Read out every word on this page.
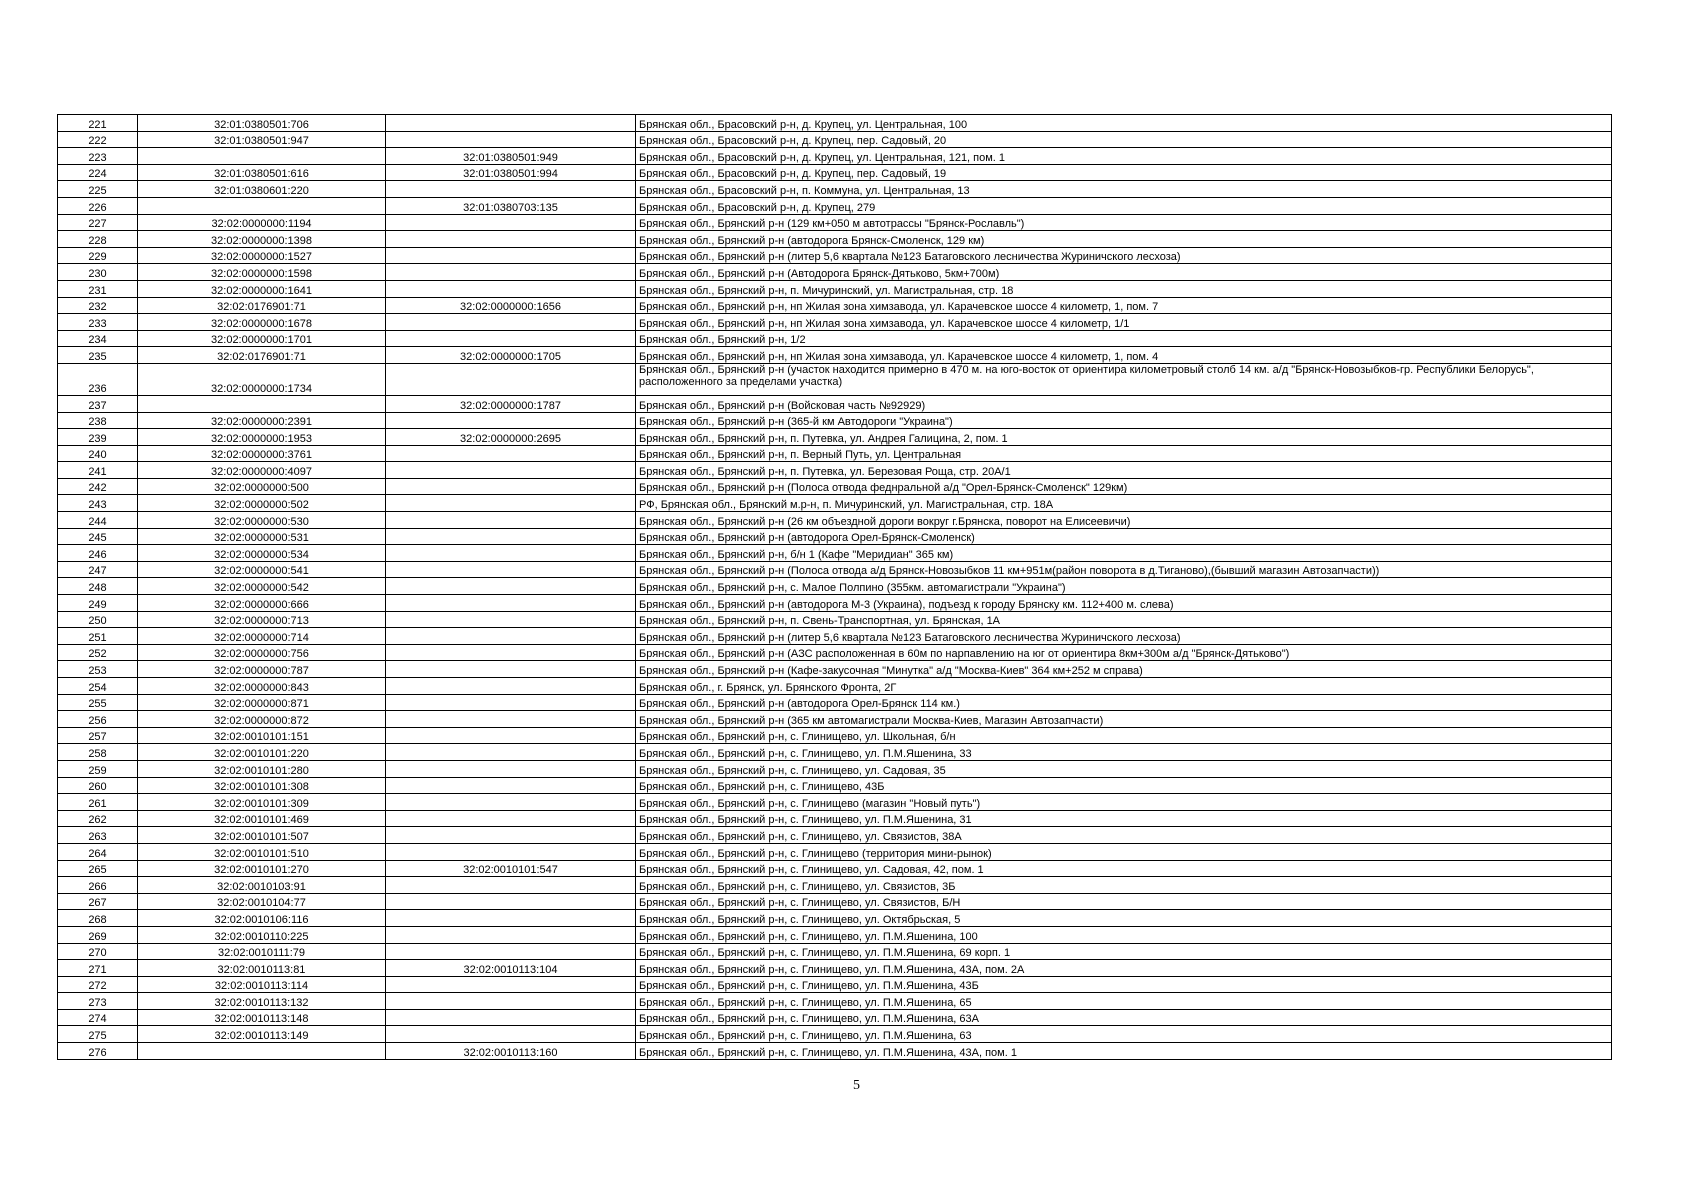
221	32:01:0380501:706		Брянская обл., Брасовский р-н, д. Крупец, ул. Центральная, 100
222	32:01:0380501:947		Брянская обл., Брасовский р-н, д. Крупец, пер. Садовый, 20
223		32:01:0380501:949	Брянская обл., Брасовский р-н, д. Крупец, ул. Центральная, 121, пом. 1
224	32:01:0380501:616	32:01:0380501:994	Брянская обл., Брасовский р-н, д. Крупец, пер. Садовый, 19
225	32:01:0380601:220		Брянская обл., Брасовский р-н, п. Коммуна, ул. Центральная, 13
226		32:01:0380703:135	Брянская обл., Брасовский р-н, д. Крупец, 279
227	32:02:0000000:1194		Брянская обл., Брянский р-н (129 км+050 м автотрассы "Брянск-Рославль")
228	32:02:0000000:1398		Брянская обл., Брянский р-н (автодорога Брянск-Смоленск, 129 км)
229	32:02:0000000:1527		Брянская обл., Брянский р-н (литер 5,6 квартала №123 Батаговского лесничества Журиничского лесхоза)
230	32:02:0000000:1598		Брянская обл., Брянский р-н (Автодорога Брянск-Дятьково, 5км+700м)
231	32:02:0000000:1641		Брянская обл., Брянский р-н, п. Мичуринский, ул. Магистральная, стр. 18
232	32:02:0176901:71	32:02:0000000:1656	Брянская обл., Брянский р-н, нп Жилая зона химзавода, ул. Карачевское шоссе 4 километр, 1, пом. 7
233	32:02:0000000:1678		Брянская обл., Брянский р-н, нп Жилая зона химзавода, ул. Карачевское шоссе 4 километр, 1/1
234	32:02:0000000:1701		Брянская обл., Брянский р-н, 1/2
235	32:02:0176901:71	32:02:0000000:1705	Брянская обл., Брянский р-н, нп Жилая зона химзавода, ул. Карачевское шоссе 4 километр, 1, пом. 4
236	32:02:0000000:1734		Брянская обл., Брянский р-н (участок находится примерно в 470 м. на юго-восток от ориентира километровый столб 14 км. а/д "Брянск-Новозыбков-гр. Республики Белорусь", расположенного за пределами участка)
237		32:02:0000000:1787	Брянская обл., Брянский р-н (Войсковая часть №92929)
238	32:02:0000000:2391		Брянская обл., Брянский р-н (365-й км Автодороги "Украина")
239	32:02:0000000:1953	32:02:0000000:2695	Брянская обл., Брянский р-н, п. Путевка, ул. Андрея Галицина, 2, пом. 1
240	32:02:0000000:3761		Брянская обл., Брянский р-н, п. Верный Путь, ул. Центральная
241	32:02:0000000:4097		Брянская обл., Брянский р-н, п. Путевка, ул. Березовая Роща, стр. 20А/1
242	32:02:0000000:500		Брянская обл., Брянский р-н (Полоса отвода феднральной а/д "Орел-Брянск-Смоленск" 129км)
243	32:02:0000000:502		РФ, Брянская обл., Брянский м.р-н, п. Мичуринский, ул. Магистральная, стр. 18А
244	32:02:0000000:530		Брянская обл., Брянский р-н (26 км объездной дороги вокруг г.Брянска, поворот на Елисеевичи)
245	32:02:0000000:531		Брянская обл., Брянский р-н (автодорога Орел-Брянск-Смоленск)
246	32:02:0000000:534		Брянская обл., Брянский р-н, б/н 1 (Кафе "Меридиан" 365 км)
247	32:02:0000000:541		Брянская обл., Брянский р-н (Полоса отвода а/д Брянск-Новозыбков 11 км+951м(район поворота в д.Тиганово),(бывший магазин Автозапчасти))
248	32:02:0000000:542		Брянская обл., Брянский р-н, с. Малое Полпино (355км. автомагистрали "Украина")
249	32:02:0000000:666		Брянская обл., Брянский р-н (автодорога М-3 (Украина), подъезд к городу Брянску км. 112+400 м. слева)
250	32:02:0000000:713		Брянская обл., Брянский р-н, п. Свень-Транспортная, ул. Брянская, 1А
251	32:02:0000000:714		Брянская обл., Брянский р-н (литер 5,6 квартала №123 Батаговского лесничества Журиничского лесхоза)
252	32:02:0000000:756		Брянская обл., Брянский р-н (АЗС расположенная в 60м по нарпавлению на юг от ориентира 8км+300м а/д "Брянск-Дятьково")
253	32:02:0000000:787		Брянская обл., Брянский р-н (Кафе-закусочная "Минутка" а/д "Москва-Киев" 364 км+252 м справа)
254	32:02:0000000:843		Брянская обл., г. Брянск, ул. Брянского Фронта, 2Г
255	32:02:0000000:871		Брянская обл., Брянский р-н (автодорога Орел-Брянск 114 км.)
256	32:02:0000000:872		Брянская обл., Брянский р-н (365 км автомагистрали Москва-Киев, Магазин Автозапчасти)
257	32:02:0010101:151		Брянская обл., Брянский р-н, с. Глинищево, ул. Школьная, б/н
258	32:02:0010101:220		Брянская обл., Брянский р-н, с. Глинищево, ул. П.М.Яшенина, 33
259	32:02:0010101:280		Брянская обл., Брянский р-н, с. Глинищево, ул. Садовая, 35
260	32:02:0010101:308		Брянская обл., Брянский р-н, с. Глинищево, 43Б
261	32:02:0010101:309		Брянская обл., Брянский р-н, с. Глинищево (магазин "Новый путь")
262	32:02:0010101:469		Брянская обл., Брянский р-н, с. Глинищево, ул. П.М.Яшенина, 31
263	32:02:0010101:507		Брянская обл., Брянский р-н, с. Глинищево, ул. Связистов, 38А
264	32:02:0010101:510		Брянская обл., Брянский р-н, с. Глинищево (территория мини-рынок)
265	32:02:0010101:270	32:02:0010101:547	Брянская обл., Брянский р-н, с. Глинищево, ул. Садовая, 42, пом. 1
266	32:02:0010103:91		Брянская обл., Брянский р-н, с. Глинищево, ул. Связистов, 3Б
267	32:02:0010104:77		Брянская обл., Брянский р-н, с. Глинищево, ул. Связистов, Б/Н
268	32:02:0010106:116		Брянская обл., Брянский р-н, с. Глинищево, ул. Октябрьская, 5
269	32:02:0010110:225		Брянская обл., Брянский р-н, с. Глинищево, ул. П.М.Яшенина, 100
270	32:02:0010111:79		Брянская обл., Брянский р-н, с. Глинищево, ул. П.М.Яшенина, 69 корп. 1
271	32:02:0010113:81	32:02:0010113:104	Брянская обл., Брянский р-н, с. Глинищево, ул. П.М.Яшенина, 43А, пом. 2А
272	32:02:0010113:114		Брянская обл., Брянский р-н, с. Глинищево, ул. П.М.Яшенина, 43Б
273	32:02:0010113:132		Брянская обл., Брянский р-н, с. Глинищево, ул. П.М.Яшенина, 65
274	32:02:0010113:148		Брянская обл., Брянский р-н, с. Глинищево, ул. П.М.Яшенина, 63А
275	32:02:0010113:149		Брянская обл., Брянский р-н, с. Глинищево, ул. П.М.Яшенина, 63
276		32:02:0010113:160	Брянская обл., Брянский р-н, с. Глинищево, ул. П.М.Яшенина, 43А, пом. 1
5
